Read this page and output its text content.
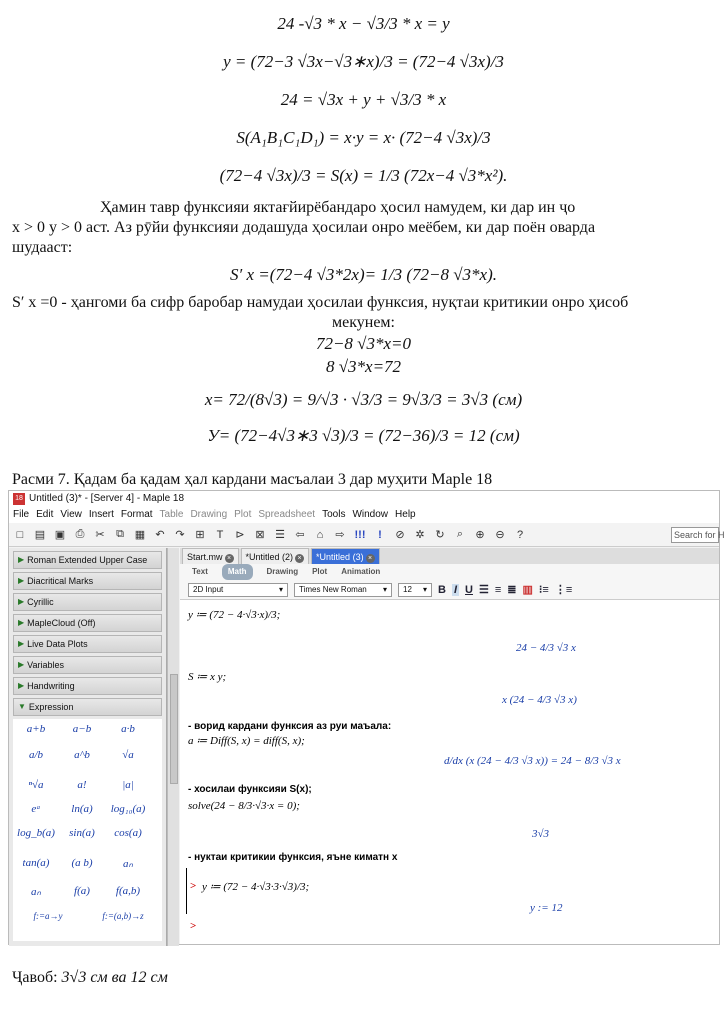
24 -√3 * x − √3/3 * x = y
y = (72−3 √3x−√3∗x)/3 = (72−4 √3x)/3
24 = √3x + y + √3/3 * x
S(A₁B₁C₁D₁) = x·y = x· (72−4 √3x)/3
(72−4 √3x)/3 = S(x) = 1/3 (72x−4 √3*x²).
Ҳамин тавр функсияи яктағйирёбандаро ҳосил намудем, ки дар ин ҷо
x > 0 y > 0 аст. Аз рӯйи функсияи додашуда ҳосилаи онро меёбем, ки дар поён оварда
шудааст:
S′ x =(72−4 √3*2x)= 1/3 (72−8 √3*x).
S′ x =0 - ҳангоми ба сифр баробар намудаи ҳосилаи функсия, нуқтаи критикии онро ҳисоб
мекунем:
72−8 √3*x=0
8 √3*x=72
x= 72/(8√3) = 9/√3 · √3/3 = 9√3/3 = 3√3 (см)
У= (72−4√3∗3 √3)/3 = (72−36)/3 = 12 (см)
Расми 7. Қадам ба қадам ҳал кардани масъалаи 3 дар муҳити Maple 18
18 Untitled (3)* - [Server 4] - Maple 18
File Edit View Insert Format Table Drawing Plot Spreadsheet Tools Window Help
□	▤ ▣ ⎙ ✂ ⧉ ▦ ↶ ↷ ⊞	T	⊳ ⊠ ☰ ⇦	⌂	⇨ !!!	!	⊘ ✲ ↻	⌕	⊕ ⊖	?	Search for H
▶ Roman Extended Upper Case
▶ Diacritical Marks
▶ Cyrillic
▶ MapleCloud (Off)
▶ Live Data Plots
▶ Variables
▶ Handwriting
▼ Expression
a+b	a−b	a·b
a/b	a^b	√a
ⁿ√a	a!	|a|
eᵃ	ln(a)	log₁₀(a)
log_b(a)	sin(a)	cos(a)
tan(a)	(a b)	aₙ
aₙ	f(a)	f(a,b)
f:=a→y	f:=(a,b)→z
Start.mw ×	*Untitled (2) ×	*Untitled (3) ×
Text	Math	Drawing Plot Animation
2D Input	▾ Times New Roman ▾ 12 ▾ B I U ☰ ≡ ≣ ▥ ⁝≡ ⋮≡
y ≔ (72 − 4·√3·x)/3;
24 − 4/3 √3 x
S ≔ x y;
x (24 − 4/3 √3 x)
- ворид кардани функсия аз руи маъала:
a ≔ Diff(S, x) = diff(S, x);
d/dx (x (24 − 4/3 √3 x)) = 24 − 8/3 √3 x
- хосилаи функсияи S(x);
solve(24 − 8/3·√3·x = 0);
3√3
- нуктаи критикии функсия, яъне киматн х
> y ≔ (72 − 4·√3·3·√3)/3;
y := 12
>
Ҷавоб: 3√3 см ва 12 см
